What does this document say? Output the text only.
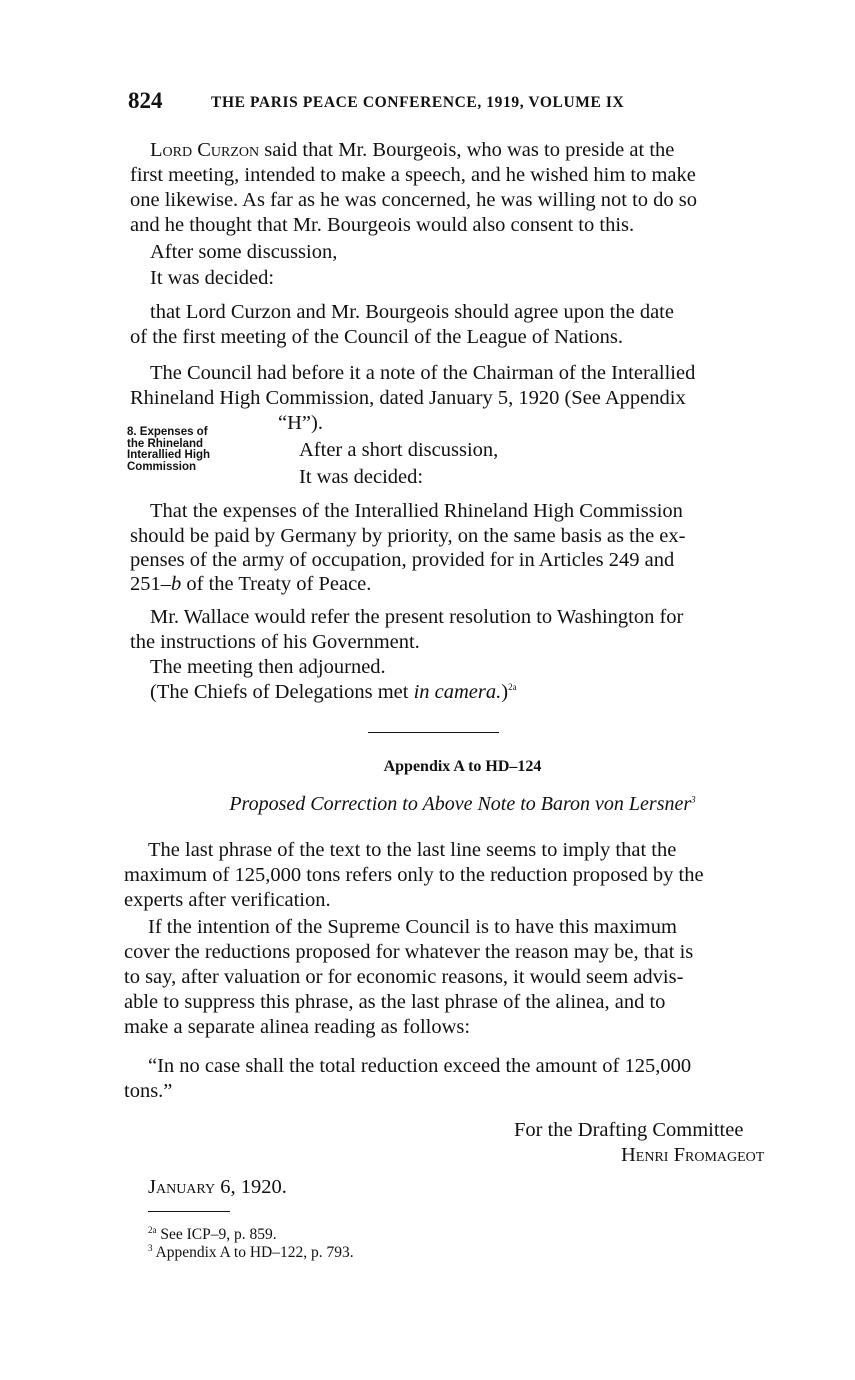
824	THE PARIS PEACE CONFERENCE, 1919, VOLUME IX
Lord Curzon said that Mr. Bourgeois, who was to preside at the
first meeting, intended to make a speech, and he wished him to make
one likewise. As far as he was concerned, he was willing not to do so
and he thought that Mr. Bourgeois would also consent to this.
After some discussion,
It was decided:
that Lord Curzon and Mr. Bourgeois should agree upon the date
of the first meeting of the Council of the League of Nations.
The Council had before it a note of the Chairman of the Interallied
Rhineland High Commission, dated January 5, 1920 (See Appendix
“H”).
8. Expenses of
the Rhineland
Interallied High
Commission
After a short discussion,
It was decided:
That the expenses of the Interallied Rhineland High Commission
should be paid by Germany by priority, on the same basis as the ex-
penses of the army of occupation, provided for in Articles 249 and
251–b of the Treaty of Peace.
Mr. Wallace would refer the present resolution to Washington for
the instructions of his Government.
The meeting then adjourned.
(The Chiefs of Delegations met in camera.)$^{2a}$
Appendix A to HD–124
Proposed Correction to Above Note to Baron von Lersner$^3$
The last phrase of the text to the last line seems to imply that the
maximum of 125,000 tons refers only to the reduction proposed by the
experts after verification.
If the intention of the Supreme Council is to have this maximum
cover the reductions proposed for whatever the reason may be, that is
to say, after valuation or for economic reasons, it would seem advis-
able to suppress this phrase, as the last phrase of the alinea, and to
make a separate alinea reading as follows:
“In no case shall the total reduction exceed the amount of 125,000
tons.”
For the Drafting Committee
Henri Fromageot
January 6, 1920.
$^{2a}$ See ICP–9, p. 859.
$^3$ Appendix A to HD–122, p. 793.
